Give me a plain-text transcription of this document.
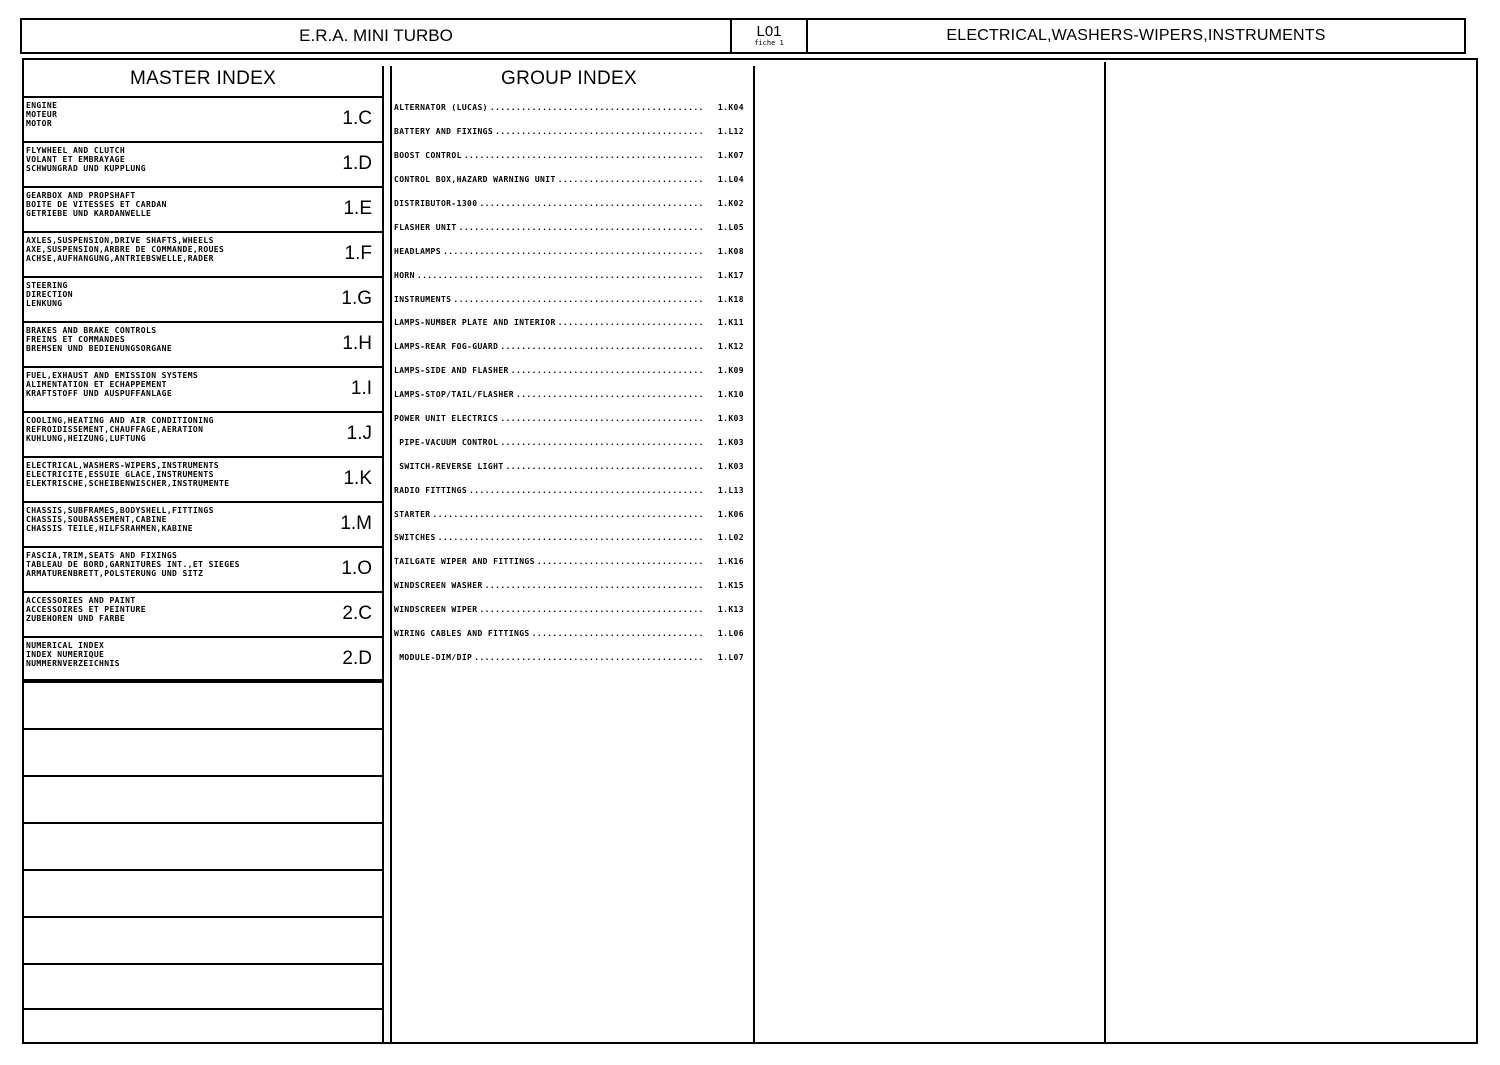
E.R.A. MINI TURBO	L01
fiche 1	ELECTRICAL,WASHERS-WIPERS,INSTRUMENTS
MASTER INDEX
ENGINE
MOTEUR
MOTOR	1.C
FLYWHEEL AND CLUTCH
VOLANT ET EMBRAYAGE
SCHWUNGRAD UND KUPPLUNG	1.D
GEARBOX AND PROPSHAFT
BOITE DE VITESSES ET CARDAN
GETRIEBE UND KARDANWELLE	1.E
AXLES,SUSPENSION,DRIVE SHAFTS,WHEELS
AXE,SUSPENSION,ARBRE DE COMMANDE,ROUES
ACHSE,AUFHANGUNG,ANTRIEBSWELLE,RADER	1.F
STEERING
DIRECTION
LENKUNG	1.G
BRAKES AND BRAKE CONTROLS
FREINS ET COMMANDES
BREMSEN UND BEDIENUNGSORGANE	1.H
FUEL,EXHAUST AND EMISSION SYSTEMS
ALIMENTATION ET ECHAPPEMENT
KRAFTSTOFF UND AUSPUFFANLAGE	1.I
COOLING,HEATING AND AIR CONDITIONING
REFROIDISSEMENT,CHAUFFAGE,AERATION
KUHLUNG,HEIZUNG,LUFTUNG	1.J
ELECTRICAL,WASHERS-WIPERS,INSTRUMENTS
ELECTRICITE,ESSUIE GLACE,INSTRUMENTS
ELEKTRISCHE,SCHEIBENWISCHER,INSTRUMENTE	1.K
CHASSIS,SUBFRAMES,BODYSHELL,FITTINGS
CHASSIS,SOUBASSEMENT,CABINE
CHASSIS TEILE,HILFSRAHMEN,KABINE	1.M
FASCIA,TRIM,SEATS AND FIXINGS
TABLEAU DE BORD,GARNITURES INT.,ET SIEGES
ARMATURENBRETT,POLSTERUNG UND SITZ	1.O
ACCESSORIES AND PAINT
ACCESSOIRES ET PEINTURE
ZUBEHOREN UND FARBE	2.C
NUMERICAL INDEX
INDEX NUMERIQUE
NUMMERNVERZEICHNIS	2.D
GROUP INDEX
ALTERNATOR (LUCAS) .....	1.K04
BATTERY AND FIXINGS .....	1.L12
BOOST CONTROL .....	1.K07
CONTROL BOX,HAZARD WARNING UNIT .....	1.L04
DISTRIBUTOR-1300 .....	1.K02
FLASHER UNIT .....	1.L05
HEADLAMPS .....	1.K08
HORN .....	1.K17
INSTRUMENTS .....	1.K18
LAMPS-NUMBER PLATE AND INTERIOR .....	1.K11
LAMPS-REAR FOG-GUARD .....	1.K12
LAMPS-SIDE AND FLASHER .....	1.K09
LAMPS-STOP/TAIL/FLASHER .....	1.K10
POWER UNIT ELECTRICS .....	1.K03
PIPE-VACUUM CONTROL .....	1.K03
SWITCH-REVERSE LIGHT .....	1.K03
RADIO FITTINGS .....	1.L13
STARTER .....	1.K06
SWITCHES .....	1.L02
TAILGATE WIPER AND FITTINGS .....	1.K16
WINDSCREEN WASHER .....	1.K15
WINDSCREEN WIPER .....	1.K13
WIRING CABLES AND FITTINGS .....	1.L06
MODULE-DIM/DIP .....	1.L07
